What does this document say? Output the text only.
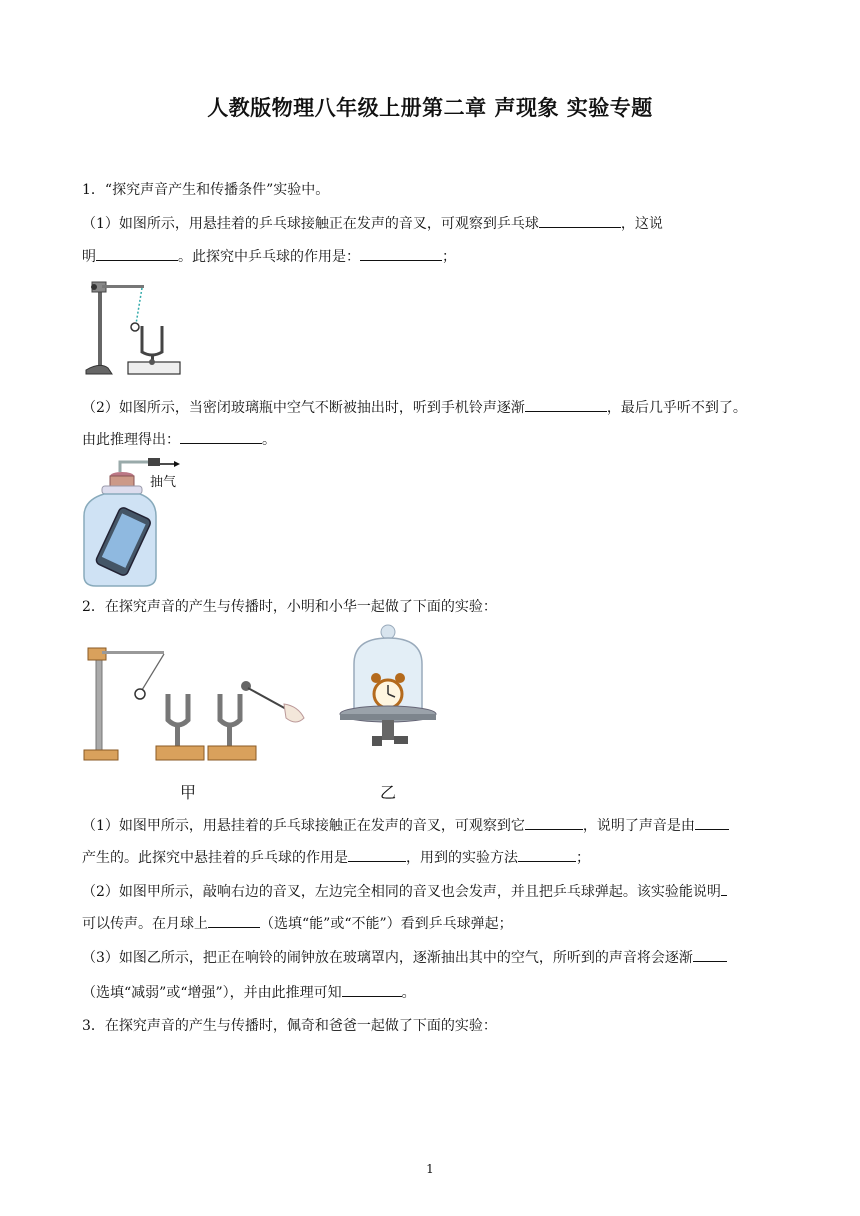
人教版物理八年级上册第二章 声现象 实验专题
1．“探究声音产生和传播条件”实验中。
（1）如图所示，用悬挂着的乒乓球接触正在发声的音叉，可观察到乒乓球	，这说
明	。此探究中乒乓球的作用是：	；
（2）如图所示，当密闭玻璃瓶中空气不断被抽出时，听到手机铃声逐渐	，最后几乎听不到了。
由此推理得出：	。
抽气
2．在探究声音的产生与传播时，小明和小华一起做了下面的实验：
甲	乙
（1）如图甲所示，用悬挂着的乒乓球接触正在发声的音叉，可观察到它	，说明了声音是由
产生的。此探究中悬挂着的乒乓球的作用是	，用到的实验方法	；
（2）如图甲所示，敲响右边的音叉，左边完全相同的音叉也会发声，并且把乒乓球弹起。该实验能说明
可以传声。在月球上	（选填“能”或“不能”）看到乒乓球弹起；
（3）如图乙所示，把正在响铃的闹钟放在玻璃罩内，逐渐抽出其中的空气，所听到的声音将会逐渐
（选填“减弱”或“增强”），并由此推理可知	。
3．在探究声音的产生与传播时，佩奇和爸爸一起做了下面的实验：
1
